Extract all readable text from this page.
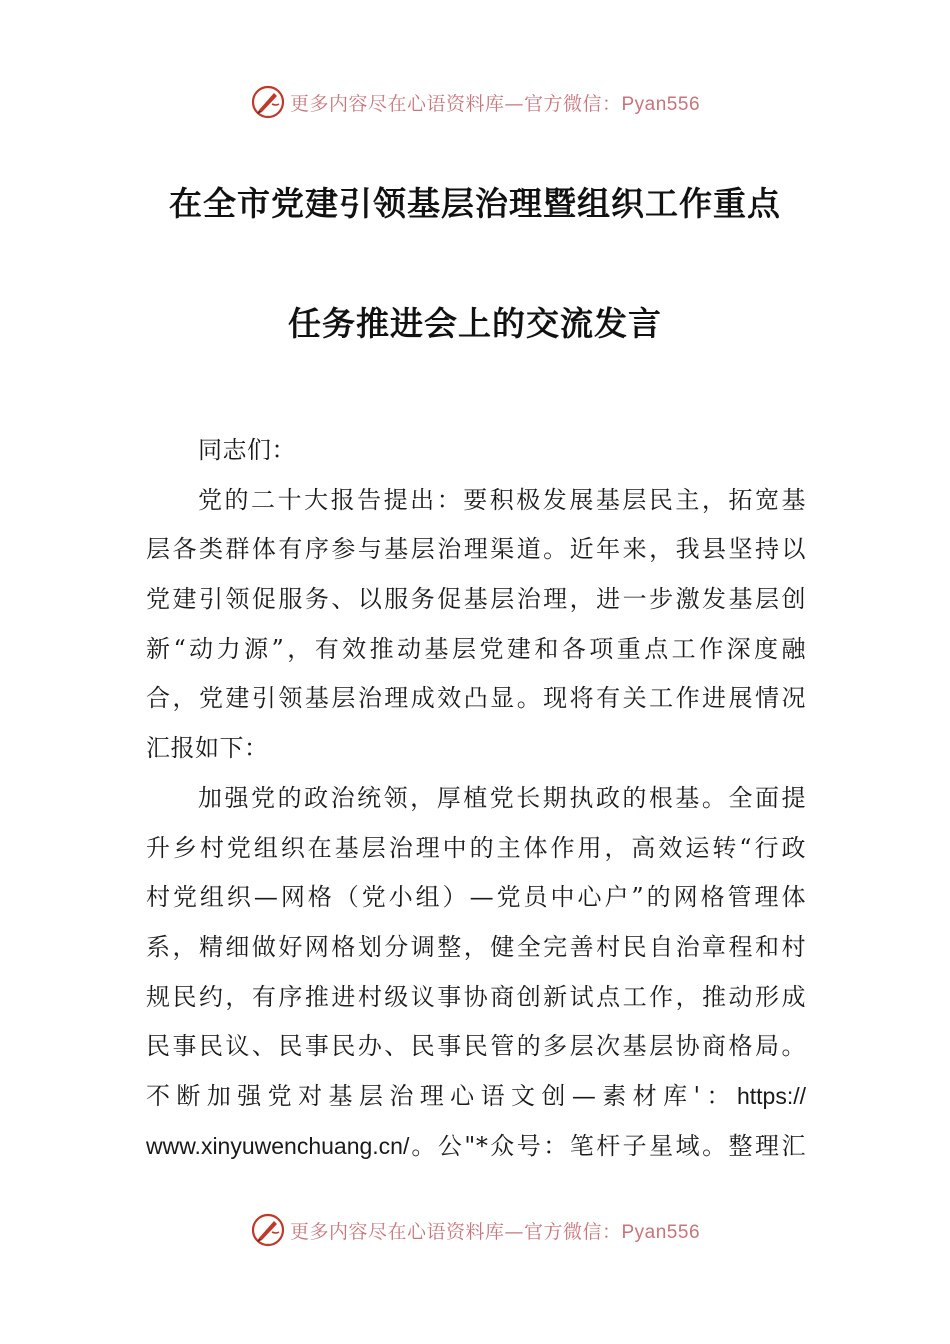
更多内容尽在心语资料库—官方微信：Pyan556
在全市党建引领基层治理暨组织工作重点
任务推进会上的交流发言
同志们：
党的二十大报告提出：要积极发展基层民主，拓宽基
层各类群体有序参与基层治理渠道。近年来，我县坚持以
党建引领促服务、以服务促基层治理，进一步激发基层创
新“动力源”，有效推动基层党建和各项重点工作深度融
合，党建引领基层治理成效凸显。现将有关工作进展情况
汇报如下：
加强党的政治统领，厚植党长期执政的根基。全面提
升乡村党组织在基层治理中的主体作用，高效运转“行政
村党组织—网格（党小组）—党员中心户”的网格管理体
系，精细做好网格划分调整，健全完善村民自治章程和村
规民约，有序推进村级议事协商创新试点工作，推动形成
民事民议、民事民办、民事民管的多层次基层协商格局。
不断加强党对基层治理心语文创—素材库'：https://
www.xinyuwenchuang.cn/。公"*众号：笔杆子星域。整理汇
更多内容尽在心语资料库—官方微信：Pyan556
